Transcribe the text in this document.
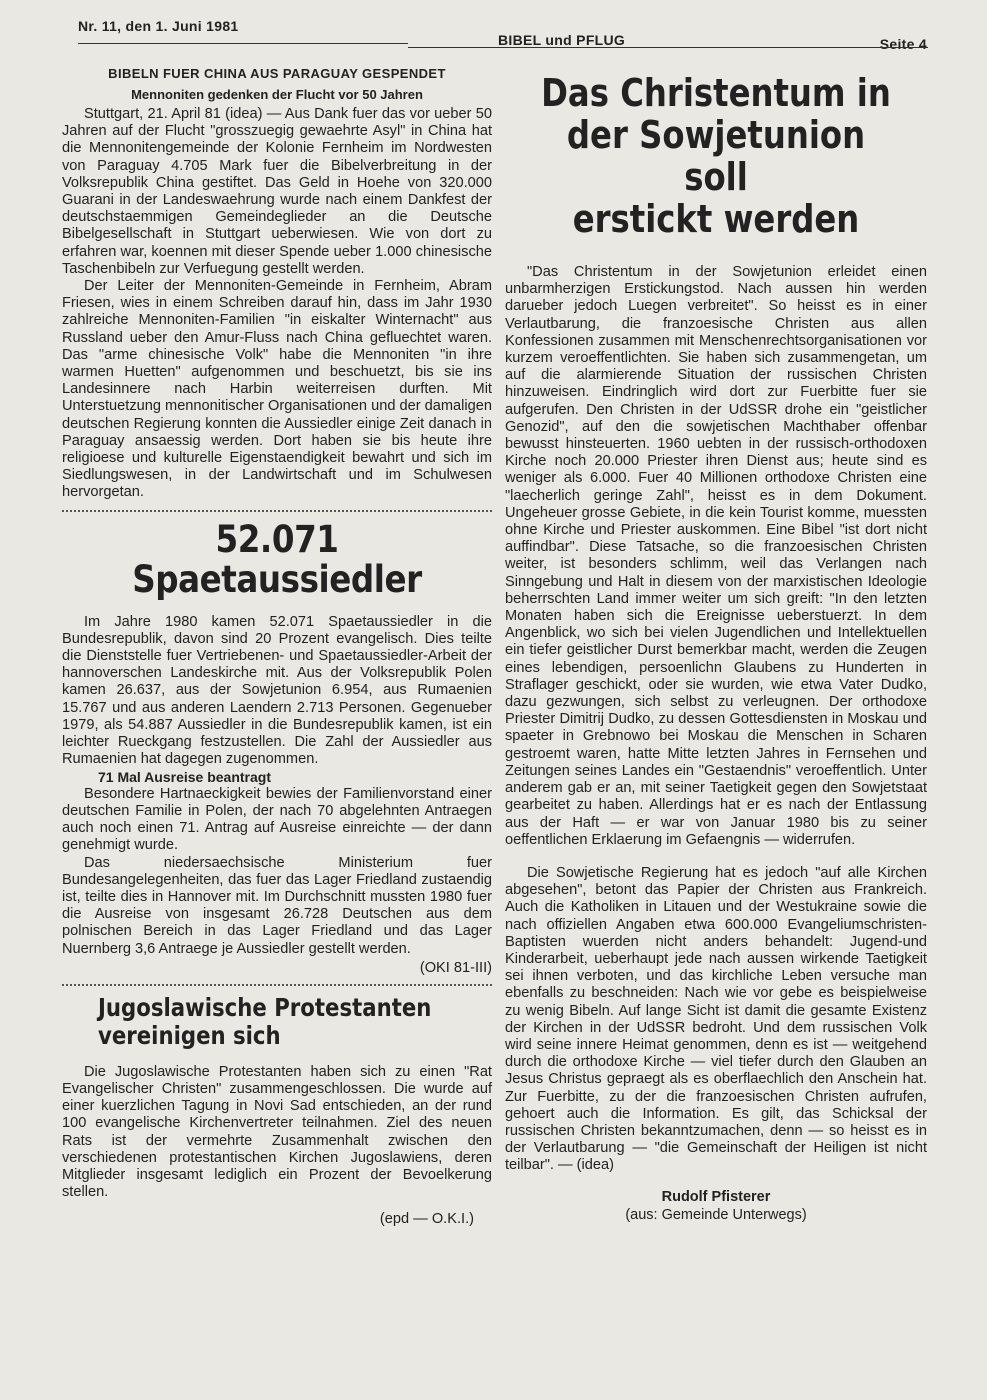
Nr. 11, den 1. Juni 1981
BIBEL und PFLUG	Seite 4
BIBELN FUER CHINA AUS PARAGUAY GESPENDET
Mennoniten gedenken der Flucht vor 50 Jahren

Stuttgart, 21. April 81 (idea) — Aus Dank fuer das vor ueber 50 Jahren auf der Flucht "grosszuegig gewaehrte Asyl" in China hat die Mennonitengemeinde der Kolonie Fernheim im Nordwesten von Paraguay 4.705 Mark fuer die Bibelverbreitung in der Volksrepublik China gestiftet. Das Geld in Hoehe von 320.000 Guarani in der Landeswaehrung wurde nach einem Dankfest der deutschstaemmigen Gemeindeglieder an die Deutsche Bibelgesellschaft in Stuttgart ueberwiesen. Wie von dort zu erfahren war, koennen mit dieser Spende ueber 1.000 chinesische Taschenbibeln zur Verfuegung gestellt werden.

Der Leiter der Mennoniten-Gemeinde in Fernheim, Abram Friesen, wies in einem Schreiben darauf hin, dass im Jahr 1930 zahlreiche Mennoniten-Familien "in eiskalter Winternacht" aus Russland ueber den Amur-Fluss nach China gefluechtet waren. Das "arme chinesische Volk" habe die Mennoniten "in ihre warmen Huetten" aufgenommen und beschuetzt, bis sie ins Landesinnere nach Harbin weiterreisen durften. Mit Unterstuetzung mennonitischer Organisationen und der damaligen deutschen Regierung konnten die Aussiedler einige Zeit danach in Paraguay ansaessig werden. Dort haben sie bis heute ihre religioese und kulturelle Eigenstaendigkeit bewahrt und sich im Siedlungswesen, in der Landwirtschaft und im Schulwesen hervorgetan.

52.071 Spaetaussiedler

Im Jahre 1980 kamen 52.071 Spaetaussiedler in die Bundesrepublik, davon sind 20 Prozent evangelisch. Dies teilte die Dienststelle fuer Vertriebenen- und Spaetaussiedler-Arbeit der hannoverschen Landeskirche mit. Aus der Volksrepublik Polen kamen 26.637, aus der Sowjetunion 6.954, aus Rumaenien 15.767 und aus anderen Laendern 2.713 Personen. Gegenueber 1979, als 54.887 Aussiedler in die Bundesrepublik kamen, ist ein leichter Rueckgang festzustellen. Die Zahl der Aussiedler aus Rumaenien hat dagegen zugenommen.

71 Mal Ausreise beantragt

Besondere Hartnaeckigkeit bewies der Familienvorstand einer deutschen Familie in Polen, der nach 70 abgelehnten Antraegen auch noch einen 71. Antrag auf Ausreise einreichte — der dann genehmigt wurde.

Das niedersaechsische Ministerium fuer Bundesangelegenheiten, das fuer das Lager Friedland zustaendig ist, teilte dies in Hannover mit. Im Durchschnitt mussten 1980 fuer die Ausreise von insgesamt 26.728 Deutschen aus dem polnischen Bereich in das Lager Friedland und das Lager Nuernberg 3,6 Antraege je Aussiedler gestellt werden.

(OKI 81-III)
Jugoslawische Protestanten
vereinigen sich

Die Jugoslawische Protestanten haben sich zu einen "Rat Evangelischer Christen" zusammengeschlossen. Die wurde auf einer kuerzlichen Tagung in Novi Sad entschieden, an der rund 100 evangelische Kirchenvertreter teilnahmen. Ziel des neuen Rats ist der vermehrte Zusammenhalt zwischen den verschiedenen protestantischen Kirchen Jugoslawiens, deren Mitglieder insgesamt lediglich ein Prozent der Bevoelkerung stellen.

(epd — O.K.I.)
Das Christentum in
der Sowjetunion soll
erstickt werden

"Das Christentum in der Sowjetunion erleidet einen unbarmherzigen Erstickungstod. Nach aussen hin werden darueber jedoch Luegen verbreitet". So heisst es in einer Verlautbarung, die franzoesische Christen aus allen Konfessionen zusammen mit Menschenrechtsorganisationen vor kurzem veroeffentlichten. Sie haben sich zusammengetan, um auf die alarmierende Situation der russischen Christen hinzuweisen. Eindringlich wird dort zur Fuerbitte fuer sie aufgerufen. Den Christen in der UdSSR drohe ein "geistlicher Genozid", auf den die sowjetischen Machthaber offenbar bewusst hinsteuerten. 1960 uebten in der russisch-orthodoxen Kirche noch 20.000 Priester ihren Dienst aus; heute sind es weniger als 6.000. Fuer 40 Millionen orthodoxe Christen eine "laecherlich geringe Zahl", heisst es in dem Dokument. Ungeheuer grosse Gebiete, in die kein Tourist komme, muessten ohne Kirche und Priester auskommen. Eine Bibel "ist dort nicht auffindbar". Diese Tatsache, so die franzoesischen Christen weiter, ist besonders schlimm, weil das Verlangen nach Sinngebung und Halt in diesem von der marxistischen Ideologie beherrschten Land immer weiter um sich greift: "In den letzten Monaten haben sich die Ereignisse ueberstuerzt. In dem Angenblick, wo sich bei vielen Jugendlichen und Intellektuellen ein tiefer geistlicher Durst bemerkbar macht, werden die Zeugen eines lebendigen, persoenlichn Glaubens zu Hunderten in Straflager geschickt, oder sie wurden, wie etwa Vater Dudko, dazu gezwungen, sich selbst zu verleugnen. Der orthodoxe Priester Dimitrij Dudko, zu dessen Gottesdiensten in Moskau und spaeter in Grebnowo bei Moskau die Menschen in Scharen gestroemt waren, hatte Mitte letzten Jahres in Fernsehen und Zeitungen seines Landes ein "Gestaendnis" veroeffentlich. Unter anderem gab er an, mit seiner Taetigkeit gegen den Sowjetstaat gearbeitet zu haben. Allerdings hat er es nach der Entlassung aus der Haft — er war von Januar 1980 bis zu seiner oeffentlichen Erklaerung im Gefaengnis — widerrufen.

Die Sowjetische Regierung hat es jedoch "auf alle Kirchen abgesehen", betont das Papier der Christen aus Frankreich. Auch die Katholiken in Litauen und der Westukraine sowie die nach offiziellen Angaben etwa 600.000 Evangeliumschristen-Baptisten wuerden nicht anders behandelt: Jugend-und Kinderarbeit, ueberhaupt jede nach aussen wirkende Taetigkeit sei ihnen verboten, und das kirchliche Leben versuche man ebenfalls zu beschneiden: Nach wie vor gebe es beispielweise zu wenig Bibeln. Auf lange Sicht ist damit die gesamte Existenz der Kirchen in der UdSSR bedroht. Und dem russischen Volk wird seine innere Heimat genommen, denn es ist — weitgehend durch die orthodoxe Kirche — viel tiefer durch den Glauben an Jesus Christus gepraegt als es oberflaechlich den Anschein hat. Zur Fuerbitte, zu der die franzoesischen Christen aufrufen, gehoert auch die Information. Es gilt, das Schicksal der russischen Christen bekanntzumachen, denn — so heisst es in der Verlautbarung — "die Gemeinschaft der Heiligen ist nicht teilbar". — (idea)

Rudolf Pfisterer
(aus: Gemeinde Unterwegs)
